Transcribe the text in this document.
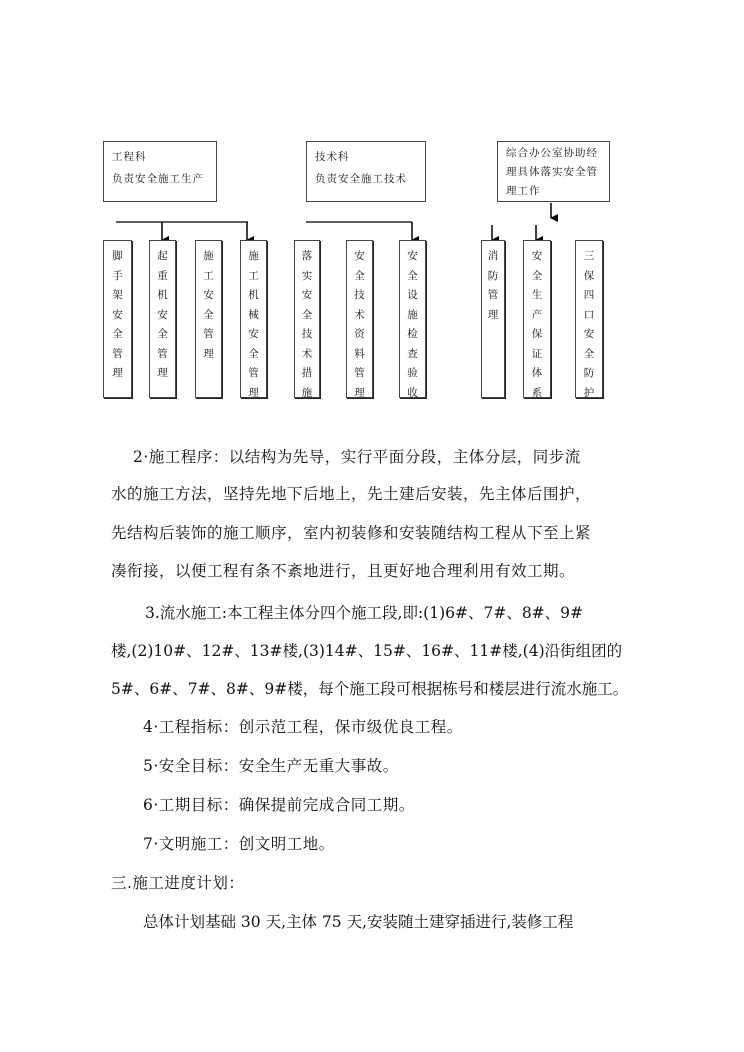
工程科
负责安全施工生产
技术科
负责安全施工技术
综合办公室协助经
理具体落实安全管
理工作
脚
手
架
安
全
管
理
起
重
机
安
全
管
理
施
工
安
全
管
理
施
工
机
械
安
全
管
理
落
实
安
全
技
术
措
施
安
全
技
术
资
料
管
理
安
全
设
施
检
查
验
收
消
防
管
理
安
全
生
产
保
证
体
系
三
保
四
口
安
全
防
护
2·施工程序：以结构为先导，实行平面分段，主体分层，同步流
水的施工方法，坚持先地下后地上，先土建后安装，先主体后围护，
先结构后装饰的施工顺序，室内初装修和安装随结构工程从下至上紧
凑衔接，以便工程有条不紊地进行，且更好地合理利用有效工期。
3.流水施工:本工程主体分四个施工段,即:(1)6#、7#、8#、9#
楼,(2)10#、12#、13#楼,(3)14#、15#、16#、11#楼,(4)沿街组团的
5#、6#、7#、8#、9#楼，每个施工段可根据栋号和楼层进行流水施工。
4·工程指标：创示范工程，保市级优良工程。
5·安全目标：安全生产无重大事故。
6·工期目标：确保提前完成合同工期。
7·文明施工：创文明工地。
三.施工进度计划：
总体计划基础 30 天,主体 75 天,安装随土建穿插进行,装修工程
